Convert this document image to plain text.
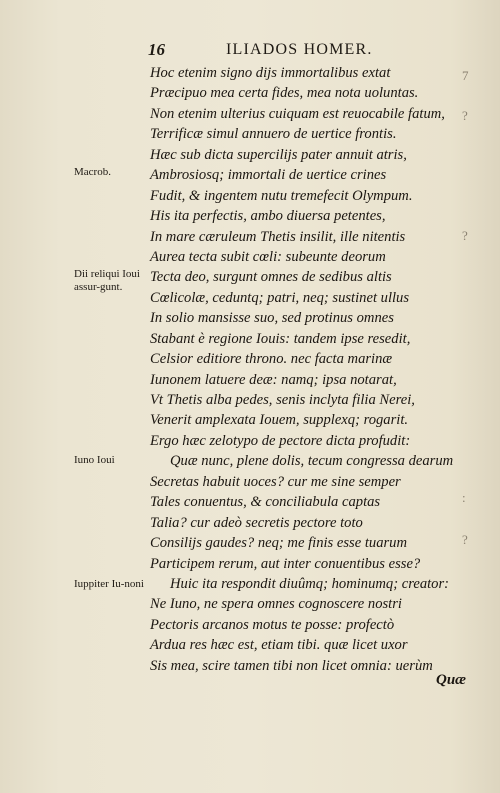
16	ILIADOS HOMER.
Macrob.
Dii reliqui Ioui assur-gunt.
Iuno Ioui
Iuppiter Iu-noni
Hoc etenim signo dijs immortalibus extat
Præcipuo mea certa fides, mea nota uoluntas.
Non etenim ulterius cuiquam est reuocabile fatum,
Terrificæ simul annuero de uertice frontis.
Hæc sub dicta supercilijs pater annuit atris,
Ambrosiosq; immortali de uertice crines
Fudit, & ingentem nutu tremefecit Olympum.
His ita perfectis, ambo diuersa petentes,
In mare cæruleum Thetis insilit, ille nitentis
Aurea tecta subit cœli: subeunte deorum
Tecta deo, surgunt omnes de sedibus altis
Cœlicolæ, ceduntq; patri, neq; sustinet ullus
In solio mansisse suo, sed protinus omnes
Stabant è regione Iouis: tandem ipse resedit,
Celsior editiore throno. nec facta marinæ
Iunonem latuere deæ: namq; ipsa notarat,
Vt Thetis alba pedes, senis inclyta filia Nerei,
Venerit amplexata Iouem, supplexq; rogarit.
Ergo hæc zelotypo de pectore dicta profudit:
Quæ nunc, plene dolis, tecum congressa dearum
Secretas habuit uoces? cur me sine semper
Tales conuentus, & conciliabula captas
Talia? cur adeò secretis pectore toto
Consilijs gaudes? neq; me finis esse tuarum
Participem rerum, aut inter conuentibus esse?
Huic ita respondit diuûmq; hominumq; creator:
Ne Iuno, ne spera omnes cognoscere nostri
Pectoris arcanos motus te posse: profectò
Ardua res hæc est, etiam tibi. quæ licet uxor
Sis mea, scire tamen tibi non licet omnia: uerùm
Quæ
7
?
?
:
?
